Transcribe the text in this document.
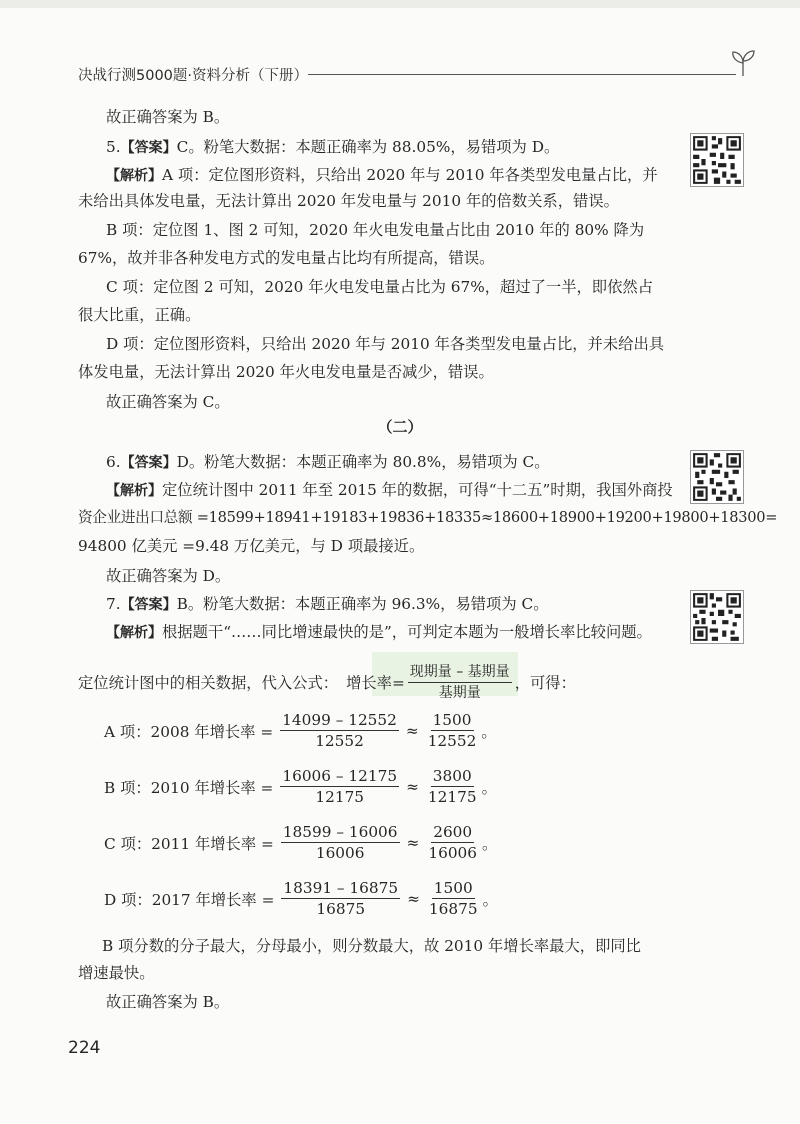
决战行测5000题·资料分析（下册）
故正确答案为 B。
5.【答案】C。粉笔大数据：本题正确率为 88.05%，易错项为 D。
【解析】A 项：定位图形资料，只给出 2020 年与 2010 年各类型发电量占比，并
未给出具体发电量，无法计算出 2020 年发电量与 2010 年的倍数关系，错误。
B 项：定位图 1、图 2 可知，2020 年火电发电量占比由 2010 年的 80% 降为
67%，故并非各种发电方式的发电量占比均有所提高，错误。
C 项：定位图 2 可知，2020 年火电发电量占比为 67%，超过了一半，即依然占
很大比重，正确。
D 项：定位图形资料，只给出 2020 年与 2010 年各类型发电量占比，并未给出具
体发电量，无法计算出 2020 年火电发电量是否减少，错误。
故正确答案为 C。
（二）
6.【答案】D。粉笔大数据：本题正确率为 80.8%，易错项为 C。
【解析】定位统计图中 2011 年至 2015 年的数据，可得“十二五”时期，我国外商投
资企业进出口总额 =18599+18941+19183+19836+18335≈18600+18900+19200+19800+18300=
94800 亿美元 =9.48 万亿美元，与 D 项最接近。
故正确答案为 D。
7.【答案】B。粉笔大数据：本题正确率为 96.3%，易错项为 C。
【解析】根据题干“……同比增速最快的是”，可判定本题为一般增长率比较问题。
定位统计图中的相关数据，代入公式： 增长率= $\frac{\text{现期量 – 基期量}}{\text{基期量}}$ ，可得：
A 项：2008 年增长率 = $\frac{14099 - 12552}{12552} \approx \frac{1500}{12552}$ 。
B 项：2010 年增长率 = $\frac{16006 - 12175}{12175} \approx \frac{3800}{12175}$ 。
C 项：2011 年增长率 = $\frac{18599 - 16006}{16006} \approx \frac{2600}{16006}$ 。
D 项：2017 年增长率 = $\frac{18391 - 16875}{16875} \approx \frac{1500}{16875}$ 。
B 项分数的分子最大，分母最小，则分数最大，故 2010 年增长率最大，即同比
增速最快。
故正确答案为 B。
224
